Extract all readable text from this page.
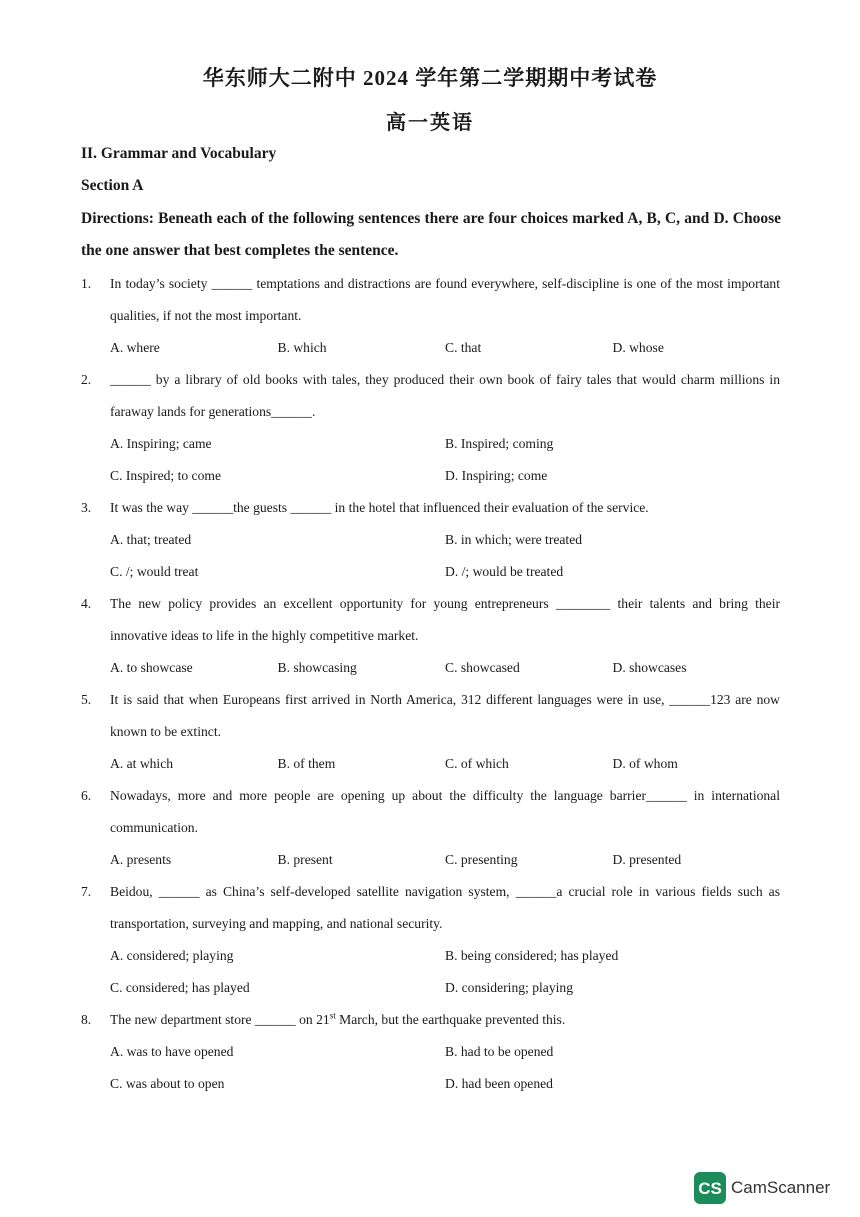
华东师大二附中 2024 学年第二学期期中考试卷
高一英语
II. Grammar and Vocabulary
Section A
Directions: Beneath each of the following sentences there are four choices marked A, B, C, and D. Choose the one answer that best completes the sentence.
1. In today’s society ______ temptations and distractions are found everywhere, self-discipline is one of the most important qualities, if not the most important.
A. where	B. which	C. that	D. whose
2. ______ by a library of old books with tales, they produced their own book of fairy tales that would charm millions in faraway lands for generations______.
A. Inspiring; came	B. Inspired; coming
C. Inspired; to come	D. Inspiring; come
3. It was the way ______the guests ______ in the hotel that influenced their evaluation of the service.
A. that; treated	B. in which; were treated
C. /; would treat	D. /; would be treated
4. The new policy provides an excellent opportunity for young entrepreneurs ________ their talents and bring their innovative ideas to life in the highly competitive market.
A. to showcase	B. showcasing	C. showcased	D. showcases
5. It is said that when Europeans first arrived in North America, 312 different languages were in use, ______123 are now known to be extinct.
A. at which	B. of them	C. of which	D. of whom
6. Nowadays, more and more people are opening up about the difficulty the language barrier______ in international communication.
A. presents	B. present	C. presenting	D. presented
7. Beidou, ______ as China’s self-developed satellite navigation system, ______a crucial role in various fields such as transportation, surveying and mapping, and national security.
A. considered; playing	B. being considered; has played
C. considered; has played	D. considering; playing
8. The new department store ______ on 21st March, but the earthquake prevented this.
A. was to have opened	B. had to be opened
C. was about to open	D. had been opened
CS CamScanner
